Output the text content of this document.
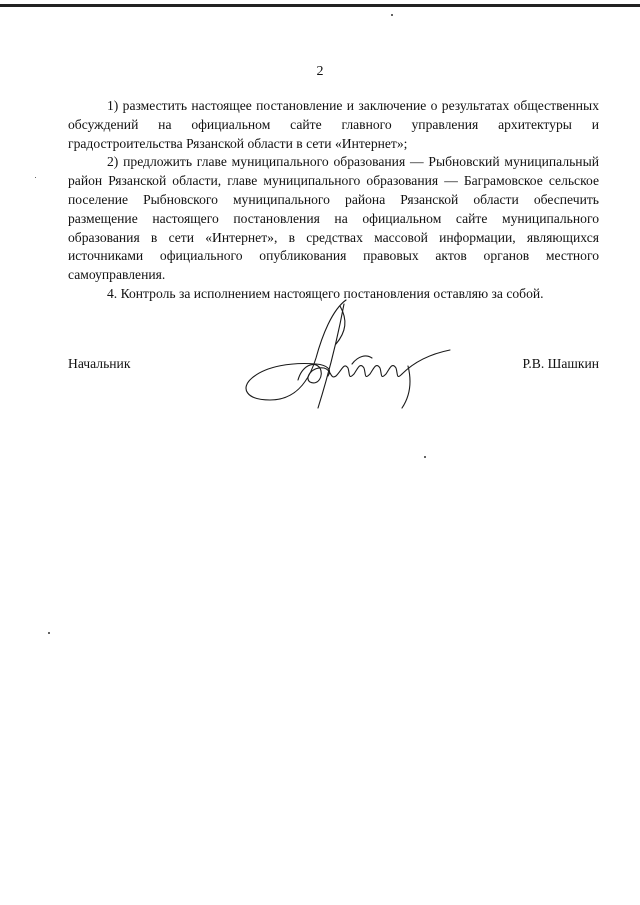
2

1) разместить настоящее постановление и заключение о результатах общественных обсуждений на официальном сайте главного управления архитектуры и градостроительства Рязанской области в сети «Интернет»;

2) предложить главе муниципального образования — Рыбновский муниципальный район Рязанской области, главе муниципального образования — Баграмовское сельское поселение Рыбновского муниципального района Рязанской области обеспечить размещение настоящего постановления на официальном сайте муниципального образования в сети «Интернет», в средствах массовой информации, являющихся источниками официального опубликования правовых актов органов местного самоуправления.

4. Контроль за исполнением настоящего постановления оставляю за собой.

Начальник	Р.В. Шашкин
